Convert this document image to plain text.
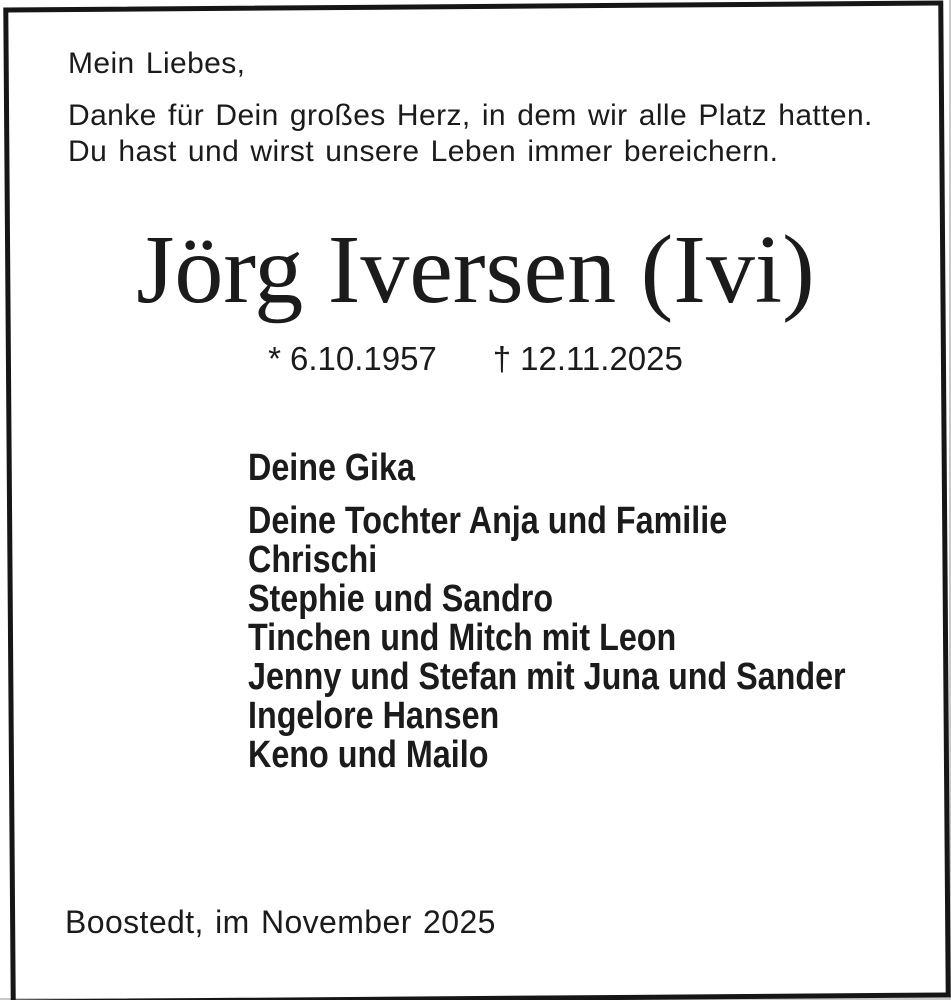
Mein Liebes,
Danke für Dein großes Herz, in dem wir alle Platz hatten.
Du hast und wirst unsere Leben immer bereichern.
Jörg Iversen (Ivi)
* 6.10.1957 † 12.11.2025
Deine Gika
Deine Tochter Anja und Familie
Chrischi
Stephie und Sandro
Tinchen und Mitch mit Leon
Jenny und Stefan mit Juna und Sander
Ingelore Hansen
Keno und Mailo
Boostedt, im November 2025
